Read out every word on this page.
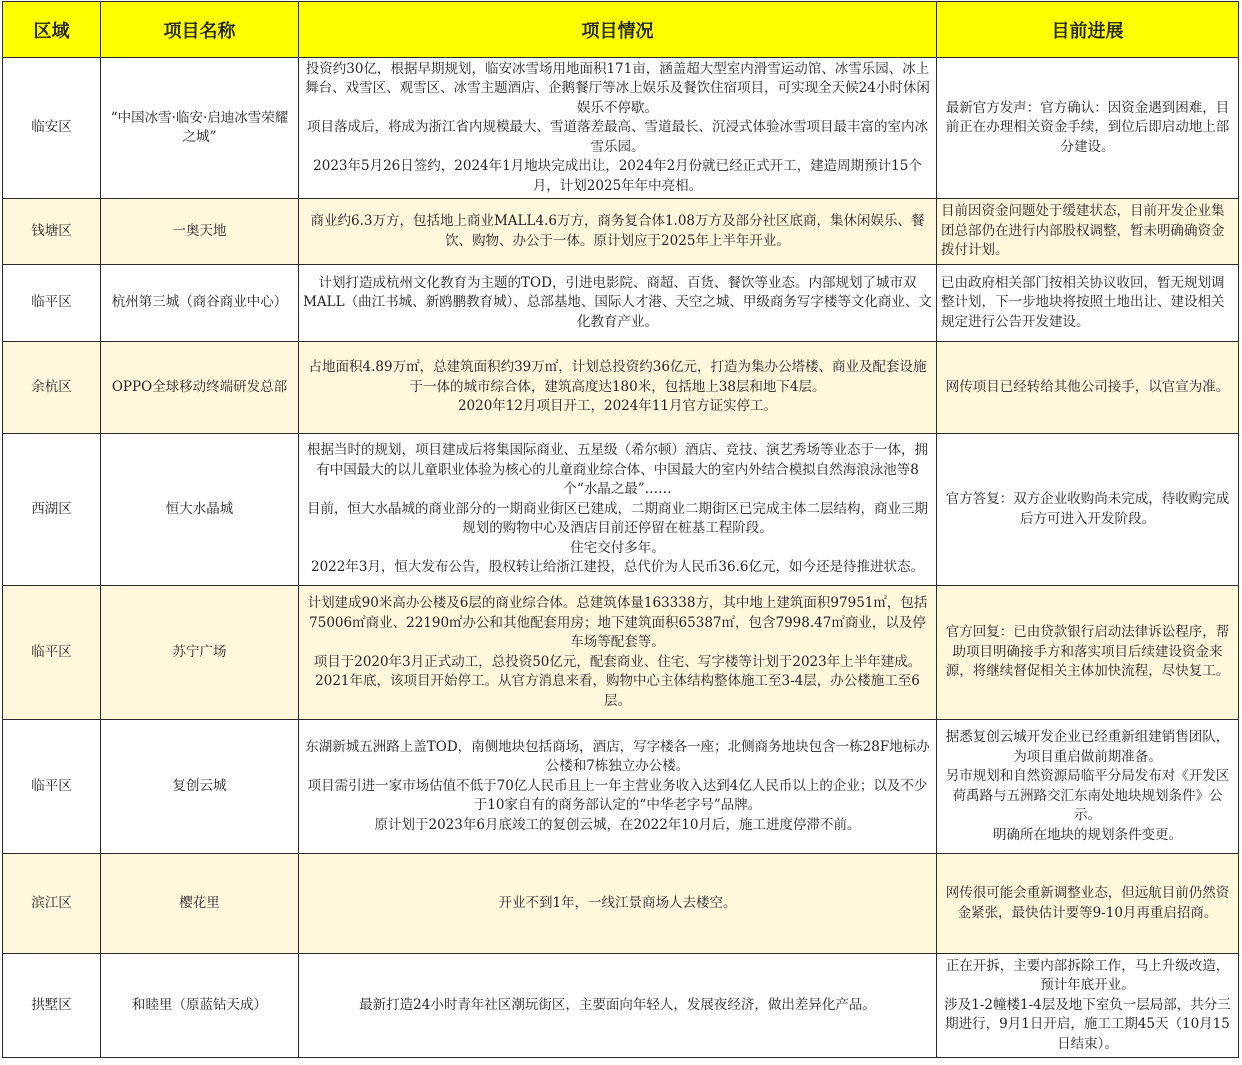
区域	项目名称	项目情况	目前进展
临安区	“中国冰雪·临安·启迪冰雪荣耀之城”	投资约30亿，根据早期规划，临安冰雪场用地面积171亩，涵盖超大型室内滑雪运动馆、冰雪乐园、冰上舞台、戏雪区、观雪区、冰雪主题酒店、企鹅餐厅等冰上娱乐及餐饮住宿项目，可实现全天候24小时休闲娱乐不停歇。
项目落成后，将成为浙江省内规模最大、雪道落差最高、雪道最长、沉浸式体验冰雪项目最丰富的室内冰雪乐园。
2023年5月26日签约，2024年1月地块完成出让，2024年2月份就已经正式开工，建造周期预计15个月，计划2025年年中亮相。	最新官方发声：官方确认：因资金遇到困难，目前正在办理相关资金手续，到位后即启动地上部分建设。

钱塘区	一奥天地	商业约6.3万方，包括地上商业MALL4.6万方，商务复合体1.08万方及部分社区底商，集休闲娱乐、餐饮、购物、办公于一体。原计划应于2025年上半年开业。	目前因资金问题处于缓建状态，目前开发企业集团总部仍在进行内部股权调整，暂未明确确资金拨付计划。

临平区	杭州第三城（商谷商业中心）	计划打造成杭州文化教育为主题的TOD，引进电影院、商超、百货、餐饮等业态。内部规划了城市双MALL（曲江书城、新鸥鹏教育城）、总部基地、国际人才港、天空之城、甲级商务写字楼等文化商业、文化教育产业。	已由政府相关部门按相关协议收回，暂无规划调整计划，下一步地块将按照土地出让、建设相关规定进行公告开发建设。

余杭区	OPPO全球移动终端研发总部	占地面积4.89万㎡，总建筑面积约39万㎡，计划总投资约36亿元，打造为集办公塔楼、商业及配套设施于一体的城市综合体，建筑高度达180米，包括地上38层和地下4层。
2020年12月项目开工，2024年11月官方证实停工。	网传项目已经转给其他公司接手，以官宣为准。

西湖区	恒大水晶城	根据当时的规划，项目建成后将集国际商业、五星级（希尔顿）酒店、竞技、演艺秀场等业态于一体，拥有中国最大的以儿童职业体验为核心的儿童商业综合体、中国最大的室内外结合模拟自然海浪泳池等8个“水晶之最”……
目前，恒大水晶城的商业部分的一期商业街区已建成，二期商业二期街区已完成主体二层结构，商业三期规划的购物中心及酒店目前还停留在桩基工程阶段。
住宅交付多年。
2022年3月，恒大发布公告，股权转让给浙江建投，总代价为人民币36.6亿元，如今还是待推进状态。	官方答复：双方企业收购尚未完成，待收购完成后方可进入开发阶段。

临平区	苏宁广场	计划建成90米高办公楼及6层的商业综合体。总建筑体量163338方，其中地上建筑面积97951㎡，包括75006㎡商业、22190㎡办公和其他配套用房；地下建筑面积65387㎡，包含7998.47㎡商业，以及停车场等配套等。
项目于2020年3月正式动工，总投资50亿元，配套商业、住宅、写字楼等计划于2023年上半年建成。
2021年底，该项目开始停工。从官方消息来看，购物中心主体结构整体施工至3-4层，办公楼施工至6层。	官方回复：已由贷款银行启动法律诉讼程序，帮助项目明确接手方和落实项目后续建设资金来源，将继续督促相关主体加快流程，尽快复工。

临平区	复创云城	东湖新城五洲路上盖TOD，南侧地块包括商场，酒店，写字楼各一座；北侧商务地块包含一栋28F地标办公楼和7栋独立办公楼。
项目需引进一家市场估值不低于70亿人民币且上一年主营业务收入达到4亿人民币以上的企业；以及不少于10家自有的商务部认定的“中华老字号”品牌。
原计划于2023年6月底竣工的复创云城，在2022年10月后，施工进度停滞不前。	据悉复创云城开发企业已经重新组建销售团队，为项目重启做前期准备。
另市规划和自然资源局临平分局发布对《开发区荷禹路与五洲路交汇东南处地块规划条件》公示。
明确所在地块的规划条件变更。

滨江区	樱花里	开业不到1年，一线江景商场人去楼空。	网传很可能会重新调整业态，但远航目前仍然资金紧张，最快估计要等9-10月再重启招商。

拱墅区	和睦里（原蓝钻天成）	最新打造24小时青年社区潮玩街区，主要面向年轻人，发展夜经济，做出差异化产品。	正在开拆，主要内部拆除工作，马上升级改造，预计年底开业。
涉及1-2幢楼1-4层及地下室负一层局部，共分三期进行，9月1日开启，施工工期45天（10月15日结束）。
